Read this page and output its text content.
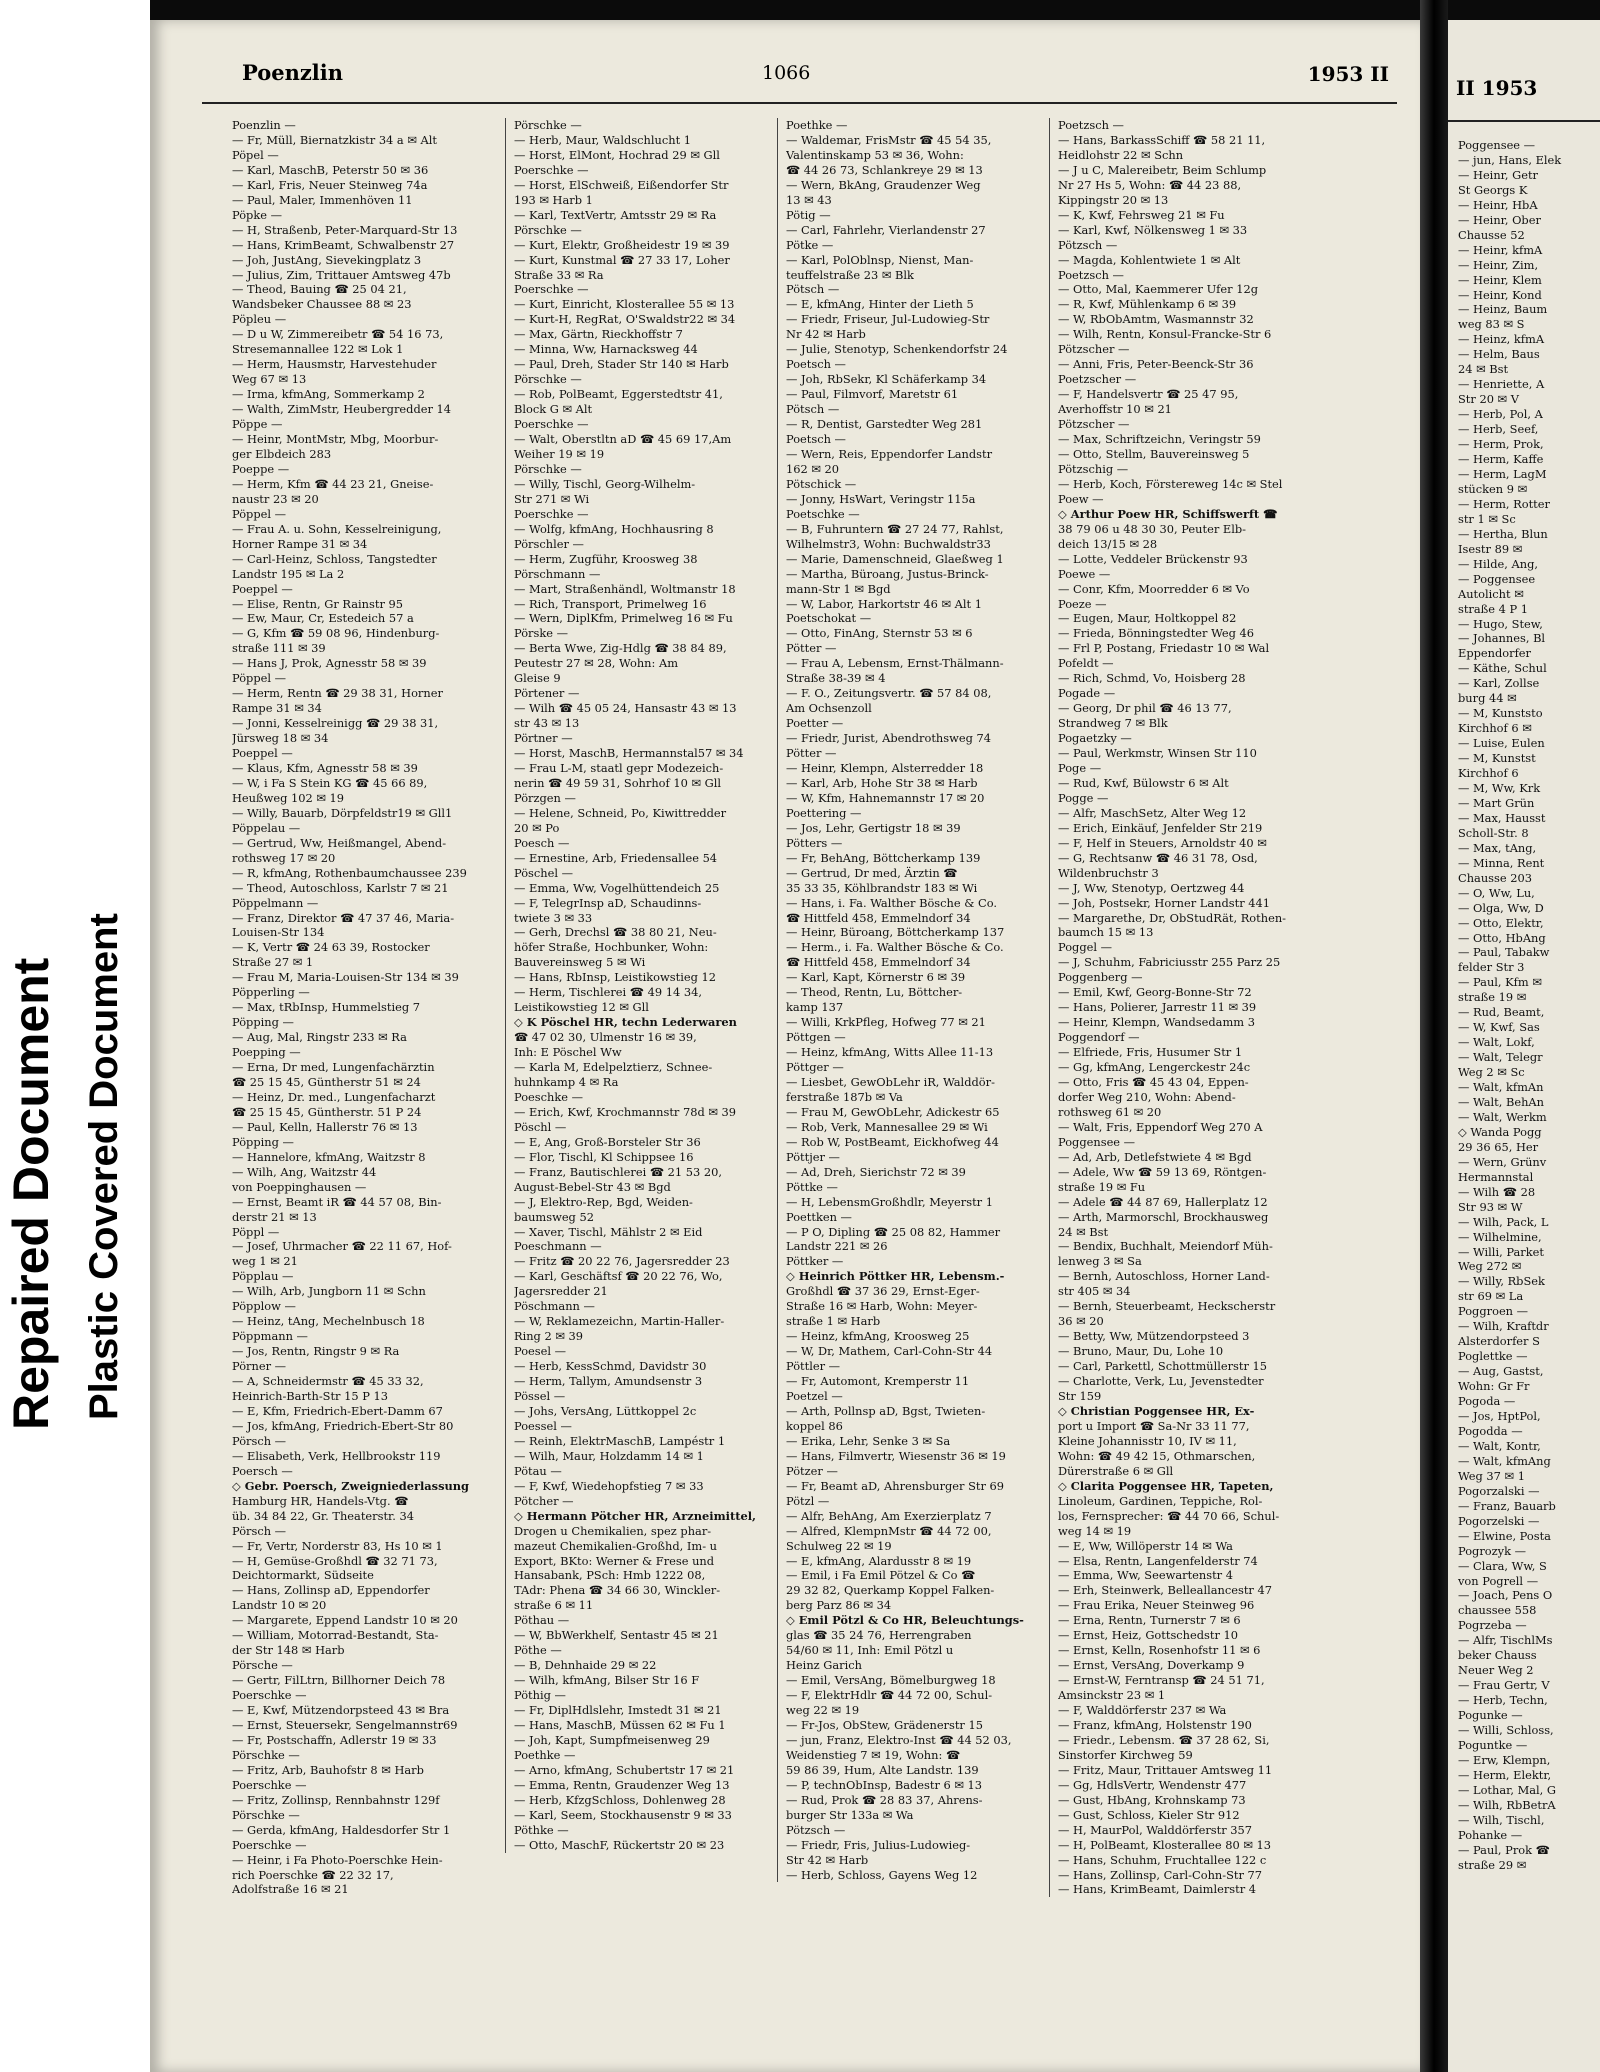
Repaired Document Plastic Covered Document
Poenzlin	1066	1953 II
Poenzlin —
— Fr, Müll, Biernatzkistr 34 a ✉ Alt
Pöpel —
— Karl, MaschB, Peterstr 50 ✉ 36
— Karl, Fris, Neuer Steinweg 74a
— Paul, Maler, Immenhöven 11
Pöpke —
— H, Straßenb, Peter-Marquard-Str 13
— Hans, KrimBeamt, Schwalbenstr 27
— Joh, JustAng, Sievekingplatz 3
— Julius, Zim, Trittauer Amtsweg 47b
— Theod, Bauing ☎ 25 04 21,
Wandsbeker Chaussee 88 ✉ 23
Pöpleu —
— D u W, Zimmereibetr ☎ 54 16 73,
Stresemannallee 122 ✉ Lok 1
— Herm, Hausmstr, Harvestehuder
Weg 67 ✉ 13
— Irma, kfmAng, Sommerkamp 2
— Walth, ZimMstr, Heubergredder 14
Pöppe —
— Heinr, MontMstr, Mbg, Moorbur-
ger Elbdeich 283
Poeppe —
— Herm, Kfm ☎ 44 23 21, Gneise-
naustr 23 ✉ 20
Pöppel —
— Frau A. u. Sohn, Kesselreinigung,
Horner Rampe 31 ✉ 34
— Carl-Heinz, Schloss, Tangstedter
Landstr 195 ✉ La 2
Poeppel —
— Elise, Rentn, Gr Rainstr 95
— Ew, Maur, Cr, Estedeich 57 a
— G, Kfm ☎ 59 08 96, Hindenburg-
straße 111 ✉ 39
— Hans J, Prok, Agnesstr 58 ✉ 39
Pöppel —
— Herm, Rentn ☎ 29 38 31, Horner
Rampe 31 ✉ 34
— Jonni, Kesselreinigg ☎ 29 38 31,
Jürsweg 18 ✉ 34
Poeppel —
— Klaus, Kfm, Agnesstr 58 ✉ 39
— W, i Fa S Stein KG ☎ 45 66 89,
Heußweg 102 ✉ 19
— Willy, Bauarb, Dörpfeldstr19 ✉ Gll1
Pöppelau —
— Gertrud, Ww, Heißmangel, Abend-
rothsweg 17 ✉ 20
— R, kfmAng, Rothenbaumchaussee 239
— Theod, Autoschloss, Karlstr 7 ✉ 21
Pöppelmann —
— Franz, Direktor ☎ 47 37 46, Maria-
Louisen-Str 134
— K, Vertr ☎ 24 63 39, Rostocker
Straße 27 ✉ 1
— Frau M, Maria-Louisen-Str 134 ✉ 39
Pöpperling —
— Max, tRbInsp, Hummelstieg 7
Pöpping —
— Aug, Mal, Ringstr 233 ✉ Ra
Poepping —
— Erna, Dr med, Lungenfachärztin
☎ 25 15 45, Güntherstr 51 ✉ 24
— Heinz, Dr. med., Lungenfacharzt
☎ 25 15 45, Güntherstr. 51 P 24
— Paul, Kelln, Hallerstr 76 ✉ 13
Pöpping —
— Hannelore, kfmAng, Waitzstr 8
— Wilh, Ang, Waitzstr 44
von Poeppinghausen —
— Ernst, Beamt iR ☎ 44 57 08, Bin-
derstr 21 ✉ 13
Pöppl —
— Josef, Uhrmacher ☎ 22 11 67, Hof-
weg 1 ✉ 21
Pöpplau —
— Wilh, Arb, Jungborn 11 ✉ Schn
Pöpplow —
— Heinz, tAng, Mechelnbusch 18
Pöppmann —
— Jos, Rentn, Ringstr 9 ✉ Ra
Pörner —
— A, Schneidermstr ☎ 45 33 32,
Heinrich-Barth-Str 15 P 13
— E, Kfm, Friedrich-Ebert-Damm 67
— Jos, kfmAng, Friedrich-Ebert-Str 80
Pörsch —
— Elisabeth, Verk, Hellbrookstr 119
Poersch —
◇ Gebr. Poersch, Zweigniederlassung
Hamburg HR, Handels-Vtg. ☎
üb. 34 84 22, Gr. Theaterstr. 34
Pörsch —
— Fr, Vertr, Norderstr 83, Hs 10 ✉ 1
— H, Gemüse-Großhdl ☎ 32 71 73,
Deichtormarkt, Südseite
— Hans, Zollinsp aD, Eppendorfer
Landstr 10 ✉ 20
— Margarete, Eppend Landstr 10 ✉ 20
— William, Motorrad-Bestandt, Sta-
der Str 148 ✉ Harb
Pörsche —
— Gertr, FilLtrn, Billhorner Deich 78
Poerschke —
— E, Kwf, Mützendorpsteed 43 ✉ Bra
— Ernst, Steuersekr, Sengelmannstr69
— Fr, Postschaffn, Adlerstr 19 ✉ 33
Pörschke —
— Fritz, Arb, Bauhofstr 8 ✉ Harb
Poerschke —
— Fritz, Zollinsp, Rennbahnstr 129f
Pörschke —
— Gerda, kfmAng, Haldesdorfer Str 1
Poerschke —
— Heinr, i Fa Photo-Poerschke Hein-
rich Poerschke ☎ 22 32 17,
Adolfstraße 16 ✉ 21
Pörschke —
— Herb, Maur, Waldschlucht 1
— Horst, ElMont, Hochrad 29 ✉ Gll
Poerschke —
— Horst, ElSchweiß, Eißendorfer Str
193 ✉ Harb 1
— Karl, TextVertr, Amtsstr 29 ✉ Ra
Pörschke —
— Kurt, Elektr, Großheidestr 19 ✉ 39
— Kurt, Kunstmal ☎ 27 33 17, Loher
Straße 33 ✉ Ra
Poerschke —
— Kurt, Einricht, Klosterallee 55 ✉ 13
— Kurt-H, RegRat, O'Swaldstr22 ✉ 34
— Max, Gärtn, Rieckhoffstr 7
— Minna, Ww, Harnacksweg 44
— Paul, Dreh, Stader Str 140 ✉ Harb
Pörschke —
— Rob, PolBeamt, Eggerstedtstr 41,
Block G ✉ Alt
Poerschke —
— Walt, Oberstltn aD ☎ 45 69 17,Am
Weiher 19 ✉ 19
Pörschke —
— Willy, Tischl, Georg-Wilhelm-
Str 271 ✉ Wi
Poerschke —
— Wolfg, kfmAng, Hochhausring 8
Pörschler —
— Herm, Zugführ, Kroosweg 38
Pörschmann —
— Mart, Straßenhändl, Woltmanstr 18
— Rich, Transport, Primelweg 16
— Wern, DiplKfm, Primelweg 16 ✉ Fu
Pörske —
— Berta Wwe, Zig-Hdlg ☎ 38 84 89,
Peutestr 27 ✉ 28, Wohn: Am
Gleise 9
Pörtener —
— Wilh ☎ 45 05 24, Hansastr 43 ✉ 13
str 43 ✉ 13
Pörtner —
— Horst, MaschB, Hermannstal57 ✉ 34
— Frau L-M, staatl gepr Modezeich-
nerin ☎ 49 59 31, Sohrhof 10 ✉ Gll
Pörzgen —
— Helene, Schneid, Po, Kiwittredder
20 ✉ Po
Poesch —
— Ernestine, Arb, Friedensallee 54
Pöschel —
— Emma, Ww, Vogelhüttendeich 25
— F, TelegrInsp aD, Schaudinns-
twiete 3 ✉ 33
— Gerh, Drechsl ☎ 38 80 21, Neu-
höfer Straße, Hochbunker, Wohn:
Bauvereinsweg 5 ✉ Wi
— Hans, RbInsp, Leistikowstieg 12
— Herm, Tischlerei ☎ 49 14 34,
Leistikowstieg 12 ✉ Gll
◇ K Pöschel HR, techn Lederwaren
☎ 47 02 30, Ulmenstr 16 ✉ 39,
Inh: E Pöschel Ww
— Karla M, Edelpelztierz, Schnee-
huhnkamp 4 ✉ Ra
Poeschke —
— Erich, Kwf, Krochmannstr 78d ✉ 39
Pöschl —
— E, Ang, Groß-Borsteler Str 36
— Flor, Tischl, Kl Schippsee 16
— Franz, Bautischlerei ☎ 21 53 20,
August-Bebel-Str 43 ✉ Bgd
— J, Elektro-Rep, Bgd, Weiden-
baumsweg 52
— Xaver, Tischl, Mählstr 2 ✉ Eid
Poeschmann —
— Fritz ☎ 20 22 76, Jagersredder 23
— Karl, Geschäftsf ☎ 20 22 76, Wo,
Jagersredder 21
Pöschmann —
— W, Reklamezeichn, Martin-Haller-
Ring 2 ✉ 39
Poesel —
— Herb, KessSchmd, Davidstr 30
— Herm, Tallym, Amundsenstr 3
Pössel —
— Johs, VersAng, Lüttkoppel 2c
Poessel —
— Reinh, ElektrMaschB, Lampéstr 1
— Wilh, Maur, Holzdamm 14 ✉ 1
Pötau —
— F, Kwf, Wiedehopfstieg 7 ✉ 33
Pötcher —
◇ Hermann Pötcher HR, Arzneimittel,
Drogen u Chemikalien, spez phar-
mazeut Chemikalien-Großhd, Im- u
Export, BKto: Werner & Frese und
Hansabank, PSch: Hmb 1222 08,
TAdr: Phena ☎ 34 66 30, Winckler-
straße 6 ✉ 11
Pöthau —
— W, BbWerkhelf, Sentastr 45 ✉ 21
Pöthe —
— B, Dehnhaide 29 ✉ 22
— Wilh, kfmAng, Bilser Str 16 F
Pöthig —
— Fr, DiplHdlslehr, Imstedt 31 ✉ 21
— Hans, MaschB, Müssen 62 ✉ Fu 1
— Joh, Kapt, Sumpfmeisenweg 29
Poethke —
— Arno, kfmAng, Schubertstr 17 ✉ 21
— Emma, Rentn, Graudenzer Weg 13
— Herb, KfzgSchloss, Dohlenweg 28
— Karl, Seem, Stockhausenstr 9 ✉ 33
Pöthke —
— Otto, MaschF, Rückertstr 20 ✉ 23
Poethke —
— Waldemar, FrisMstr ☎ 45 54 35,
Valentinskamp 53 ✉ 36, Wohn:
☎ 44 26 73, Schlankreye 29 ✉ 13
— Wern, BkAng, Graudenzer Weg
13 ✉ 43
Pötig —
— Carl, Fahrlehr, Vierlandenstr 27
Pötke —
— Karl, PolOblnsp, Nienst, Man-
teuffelstraße 23 ✉ Blk
Pötsch —
— E, kfmAng, Hinter der Lieth 5
— Friedr, Friseur, Jul-Ludowieg-Str
Nr 42 ✉ Harb
— Julie, Stenotyp, Schenkendorfstr 24
Poetsch —
— Joh, RbSekr, Kl Schäferkamp 34
— Paul, Filmvorf, Maretstr 61
Pötsch —
— R, Dentist, Garstedter Weg 281
Poetsch —
— Wern, Reis, Eppendorfer Landstr
162 ✉ 20
Pötschick —
— Jonny, HsWart, Veringstr 115a
Poetschke —
— B, Fuhruntern ☎ 27 24 77, Rahlst,
Wilhelmstr3, Wohn: Buchwaldstr33
— Marie, Damenschneid, Glaeßweg 1
— Martha, Büroang, Justus-Brinck-
mann-Str 1 ✉ Bgd
— W, Labor, Harkortstr 46 ✉ Alt 1
Poetschokat —
— Otto, FinAng, Sternstr 53 ✉ 6
Pötter —
— Frau A, Lebensm, Ernst-Thälmann-
Straße 38-39 ✉ 4
— F. O., Zeitungsvertr. ☎ 57 84 08,
Am Ochsenzoll
Poetter —
— Friedr, Jurist, Abendrothsweg 74
Pötter —
— Heinr, Klempn, Alsterredder 18
— Karl, Arb, Hohe Str 38 ✉ Harb
— W, Kfm, Hahnemannstr 17 ✉ 20
Poettering —
— Jos, Lehr, Gertigstr 18 ✉ 39
Pötters —
— Fr, BehAng, Böttcherkamp 139
— Gertrud, Dr med, Ärztin ☎
35 33 35, Köhlbrandstr 183 ✉ Wi
— Hans, i. Fa. Walther Bösche & Co.
☎ Hittfeld 458, Emmelndorf 34
— Heinr, Büroang, Böttcherkamp 137
— Herm., i. Fa. Walther Bösche & Co.
☎ Hittfeld 458, Emmelndorf 34
— Karl, Kapt, Körnerstr 6 ✉ 39
— Theod, Rentn, Lu, Böttcher-
kamp 137
— Willi, KrkPfleg, Hofweg 77 ✉ 21
Pöttgen —
— Heinz, kfmAng, Witts Allee 11-13
Pöttger —
— Liesbet, GewObLehr iR, Walddör-
ferstraße 187b ✉ Va
— Frau M, GewObLehr, Adickestr 65
— Rob, Verk, Mannesallee 29 ✉ Wi
— Rob W, PostBeamt, Eickhofweg 44
Pöttjer —
— Ad, Dreh, Sierichstr 72 ✉ 39
Pöttke —
— H, LebensmGroßhdlr, Meyerstr 1
Poettken —
— P O, Dipling ☎ 25 08 82, Hammer
Landstr 221 ✉ 26
Pöttker —
◇ Heinrich Pöttker HR, Lebensm.-
Großhdl ☎ 37 36 29, Ernst-Eger-
Straße 16 ✉ Harb, Wohn: Meyer-
straße 1 ✉ Harb
— Heinz, kfmAng, Kroosweg 25
— W, Dr, Mathem, Carl-Cohn-Str 44
Pöttler —
— Fr, Automont, Kremperstr 11
Poetzel —
— Arth, Pollnsp aD, Bgst, Twieten-
koppel 86
— Erika, Lehr, Senke 3 ✉ Sa
— Hans, Filmvertr, Wiesenstr 36 ✉ 19
Pötzer —
— Fr, Beamt aD, Ahrensburger Str 69
Pötzl —
— Alfr, BehAng, Am Exerzierplatz 7
— Alfred, KlempnMstr ☎ 44 72 00,
Schulweg 22 ✉ 19
— E, kfmAng, Alardusstr 8 ✉ 19
— Emil, i Fa Emil Pötzel & Co ☎
29 32 82, Querkamp Koppel Falken-
berg Parz 86 ✉ 34
◇ Emil Pötzl & Co HR, Beleuchtungs-
glas ☎ 35 24 76, Herrengraben
54/60 ✉ 11, Inh: Emil Pötzl u
Heinz Garich
— Emil, VersAng, Bömelburgweg 18
— F, ElektrHdlr ☎ 44 72 00, Schul-
weg 22 ✉ 19
— Fr-Jos, ObStew, Grädenerstr 15
— jun, Franz, Elektro-Inst ☎ 44 52 03,
Weidenstieg 7 ✉ 19, Wohn: ☎
59 86 39, Hum, Alte Landstr. 139
— P, technObInsp, Badestr 6 ✉ 13
— Rud, Prok ☎ 28 83 37, Ahrens-
burger Str 133a ✉ Wa
Pötzsch —
— Friedr, Fris, Julius-Ludowieg-
Str 42 ✉ Harb
— Herb, Schloss, Gayens Weg 12
Poetzsch —
— Hans, BarkassSchiff ☎ 58 21 11,
Heidlohstr 22 ✉ Schn
— J u C, Malereibetr, Beim Schlump
Nr 27 Hs 5, Wohn: ☎ 44 23 88,
Kippingstr 20 ✉ 13
— K, Kwf, Fehrsweg 21 ✉ Fu
— Karl, Kwf, Nölkensweg 1 ✉ 33
Pötzsch —
— Magda, Kohlentwiete 1 ✉ Alt
Poetzsch —
— Otto, Mal, Kaemmerer Ufer 12g
— R, Kwf, Mühlenkamp 6 ✉ 39
— W, RbObAmtm, Wasmannstr 32
— Wilh, Rentn, Konsul-Francke-Str 6
Pötzscher —
— Anni, Fris, Peter-Beenck-Str 36
Poetzscher —
— F, Handelsvertr ☎ 25 47 95,
Averhoffstr 10 ✉ 21
Pötzscher —
— Max, Schriftzeichn, Veringstr 59
— Otto, Stellm, Bauvereinsweg 5
Pötzschig —
— Herb, Koch, Förstereweg 14c ✉ Stel
Poew —
◇ Arthur Poew HR, Schiffswerft ☎
38 79 06 u 48 30 30, Peuter Elb-
deich 13/15 ✉ 28
— Lotte, Veddeler Brückenstr 93
Poewe —
— Conr, Kfm, Moorredder 6 ✉ Vo
Poeze —
— Eugen, Maur, Holtkoppel 82
— Frieda, Bönningstedter Weg 46
— Frl P, Postang, Friedastr 10 ✉ Wal
Pofeldt —
— Rich, Schmd, Vo, Hoisberg 28
Pogade —
— Georg, Dr phil ☎ 46 13 77,
Strandweg 7 ✉ Blk
Pogaetzky —
— Paul, Werkmstr, Winsen Str 110
Poge —
— Rud, Kwf, Bülowstr 6 ✉ Alt
Pogge —
— Alfr, MaschSetz, Alter Weg 12
— Erich, Einkäuf, Jenfelder Str 219
— F, Helf in Steuers, Arnoldstr 40 ✉
— G, Rechtsanw ☎ 46 31 78, Osd,
Wildenbruchstr 3
— J, Ww, Stenotyp, Oertzweg 44
— Joh, Postsekr, Horner Landstr 441
— Margarethe, Dr, ObStudRät, Rothen-
baumch 15 ✉ 13
Poggel —
— J, Schuhm, Fabriciusstr 255 Parz 25
Poggenberg —
— Emil, Kwf, Georg-Bonne-Str 72
— Hans, Polierer, Jarrestr 11 ✉ 39
— Heinr, Klempn, Wandsedamm 3
Poggendorf —
— Elfriede, Fris, Husumer Str 1
— Gg, kfmAng, Lengerckestr 24c
— Otto, Fris ☎ 45 43 04, Eppen-
dorfer Weg 210, Wohn: Abend-
rothsweg 61 ✉ 20
— Walt, Fris, Eppendorf Weg 270 A
Poggensee —
— Ad, Arb, Detlefstwiete 4 ✉ Bgd
— Adele, Ww ☎ 59 13 69, Röntgen-
straße 19 ✉ Fu
— Adele ☎ 44 87 69, Hallerplatz 12
— Arth, Marmorschl, Brockhausweg
24 ✉ Bst
— Bendix, Buchhalt, Meiendorf Müh-
lenweg 3 ✉ Sa
— Bernh, Autoschloss, Horner Land-
str 405 ✉ 34
— Bernh, Steuerbeamt, Heckscherstr
36 ✉ 20
— Betty, Ww, Mützendorpsteed 3
— Bruno, Maur, Du, Lohe 10
— Carl, Parkettl, Schottmüllerstr 15
— Charlotte, Verk, Lu, Jevenstedter
Str 159
◇ Christian Poggensee HR, Ex-
port u Import ☎ Sa-Nr 33 11 77,
Kleine Johannisstr 10, IV ✉ 11,
Wohn: ☎ 49 42 15, Othmarschen,
Dürerstraße 6 ✉ Gll
◇ Clarita Poggensee HR, Tapeten,
Linoleum, Gardinen, Teppiche, Rol-
los, Fernsprecher: ☎ 44 70 66, Schul-
weg 14 ✉ 19
— E, Ww, Willöperstr 14 ✉ Wa
— Elsa, Rentn, Langenfelderstr 74
— Emma, Ww, Seewartenstr 4
— Erh, Steinwerk, Belleallancestr 47
— Frau Erika, Neuer Steinweg 96
— Erna, Rentn, Turnerstr 7 ✉ 6
— Ernst, Heiz, Gottschedstr 10
— Ernst, Kelln, Rosenhofstr 11 ✉ 6
— Ernst, VersAng, Doverkamp 9
— Ernst-W, Ferntransp ☎ 24 51 71,
Amsinckstr 23 ✉ 1
— F, Walddörferstr 237 ✉ Wa
— Franz, kfmAng, Holstenstr 190
— Friedr., Lebensm. ☎ 37 28 62, Si,
Sinstorfer Kirchweg 59
— Fritz, Maur, Trittauer Amtsweg 11
— Gg, HdlsVertr, Wendenstr 477
— Gust, HbAng, Krohnskamp 73
— Gust, Schloss, Kieler Str 912
— H, MaurPol, Walddörferstr 357
— H, PolBeamt, Klosterallee 80 ✉ 13
— Hans, Schuhm, Fruchtallee 122 c
— Hans, Zollinsp, Carl-Cohn-Str 77
— Hans, KrimBeamt, Daimlerstr 4
II 1953
Poggensee —
— jun, Hans, Elek
— Heinr, Getr
St Georgs K
— Heinr, HbA
— Heinr, Ober
Chausse 52
— Heinr, kfmA
— Heinr, Zim,
— Heinr, Klem
— Heinr, Kond
— Heinz, Baum
weg 83 ✉ S
— Heinz, kfmA
— Helm, Baus
24 ✉ Bst
— Henriette, A
Str 20 ✉ V
— Herb, Pol, A
— Herb, Seef,
— Herm, Prok,
— Herm, Kaffe
— Herm, LagM
stücken 9 ✉
— Herm, Rotter
str 1 ✉ Sc
— Hertha, Blun
Isestr 89 ✉
— Hilde, Ang,
— Poggensee
Autolicht ✉
straße 4 P 1
— Hugo, Stew,
— Johannes, Bl
Eppendorfer
— Käthe, Schul
— Karl, Zollse
burg 44 ✉
— M, Kunststo
Kirchhof 6 ✉
— Luise, Eulen
— M, Kunstst
Kirchhof 6
— M, Ww, Krk
— Mart Grün
— Max, Hausst
Scholl-Str. 8
— Max, tAng,
— Minna, Rent
Chausse 203
— O, Ww, Lu,
— Olga, Ww, D
— Otto, Elektr,
— Otto, HbAng
— Paul, Tabakw
felder Str 3
— Paul, Kfm ✉
straße 19 ✉
— Rud, Beamt,
— W, Kwf, Sas
— Walt, Lokf,
— Walt, Telegr
Weg 2 ✉ Sc
— Walt, kfmAn
— Walt, BehAn
— Walt, Werkm
◇ Wanda Pogg
29 36 65, Her
— Wern, Grünv
Hermannstal
— Wilh ☎ 28
Str 93 ✉ W
— Wilh, Pack, L
— Wilhelmine,
— Willi, Parket
Weg 272 ✉
— Willy, RbSek
str 69 ✉ La
Poggroen —
— Wilh, Kraftdr
Alsterdorfer S
Poglettke —
— Aug, Gastst,
Wohn: Gr Fr
Pogoda —
— Jos, HptPol,
Pogodda —
— Walt, Kontr,
— Walt, kfmAng
Weg 37 ✉ 1
Pogorzalski —
— Franz, Bauarb
Pogorzelski —
— Elwine, Posta
Pogrozyk —
— Clara, Ww, S
von Pogrell —
— Joach, Pens O
chaussee 558
Pogrzeba —
— Alfr, TischlMs
beker Chauss
Neuer Weg 2
— Frau Gertr, V
— Herb, Techn,
Pogunke —
— Willi, Schloss,
Poguntke —
— Erw, Klempn,
— Herm, Elektr,
— Lothar, Mal, G
— Wilh, RbBetrA
— Wilh, Tischl,
Pohanke —
— Paul, Prok ☎
straße 29 ✉
